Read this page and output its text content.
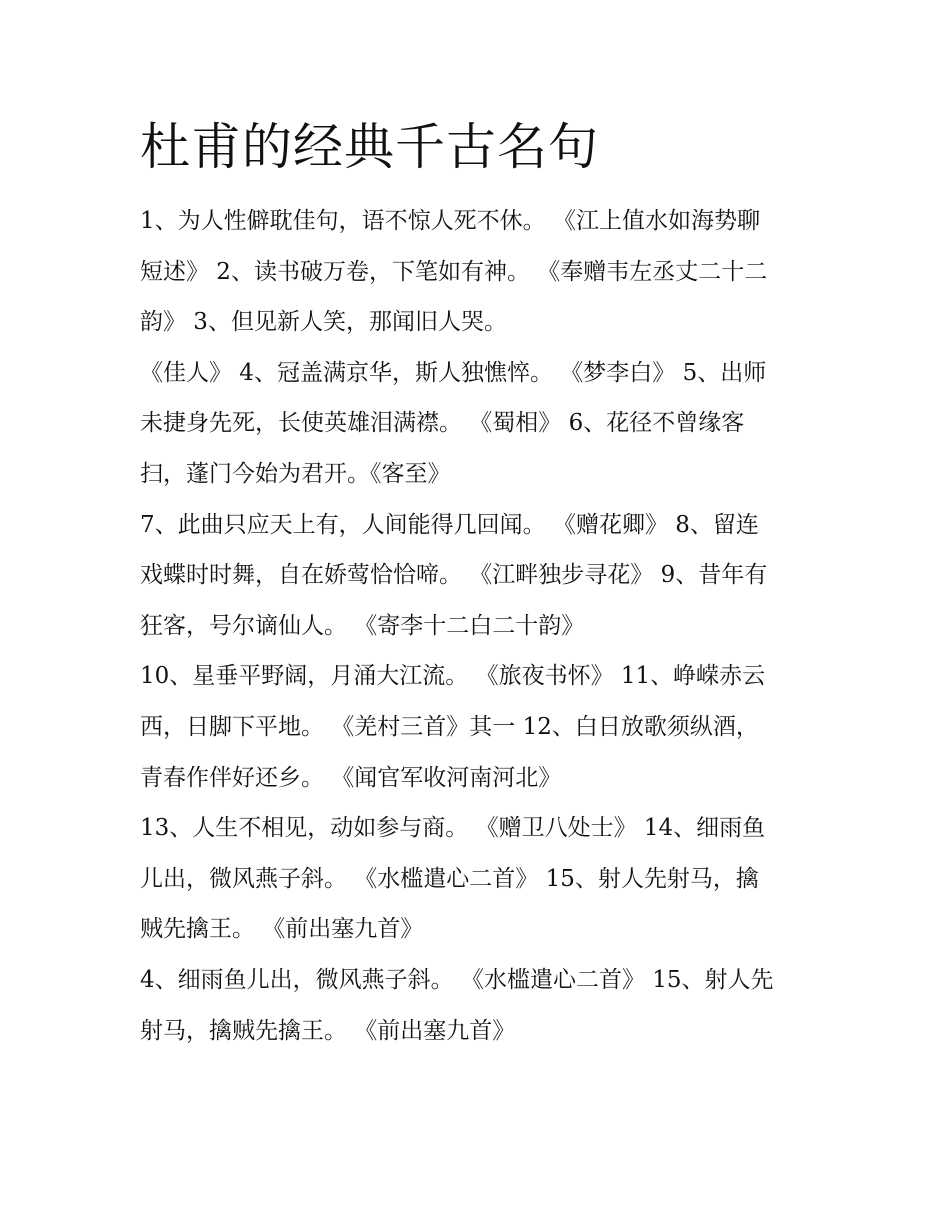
杜甫的经典千古名句

1、为人性僻耽佳句，语不惊人死不休。 《江上值水如海势聊

短述》 2、读书破万卷，下笔如有神。 《奉赠韦左丞丈二十二

韵》 3、但见新人笑，那闻旧人哭。

《佳人》 4、冠盖满京华，斯人独憔悴。 《梦李白》 5、出师

未捷身先死，长使英雄泪满襟。 《蜀相》 6、花径不曾缘客

扫，蓬门今始为君开。《客至》

7、此曲只应天上有，人间能得几回闻。 《赠花卿》 8、留连

戏蝶时时舞，自在娇莺恰恰啼。 《江畔独步寻花》 9、昔年有

狂客，号尔谪仙人。 《寄李十二白二十韵》

10、星垂平野阔，月涌大江流。 《旅夜书怀》 11、峥嵘赤云

西，日脚下平地。 《羌村三首》其一 12、白日放歌须纵酒，

青春作伴好还乡。 《闻官军收河南河北》

13、人生不相见，动如参与商。 《赠卫八处士》 14、细雨鱼

儿出，微风燕子斜。 《水槛遣心二首》 15、射人先射马，擒

贼先擒王。 《前出塞九首》

4、细雨鱼儿出，微风燕子斜。 《水槛遣心二首》 15、射人先

射马，擒贼先擒王。 《前出塞九首》
